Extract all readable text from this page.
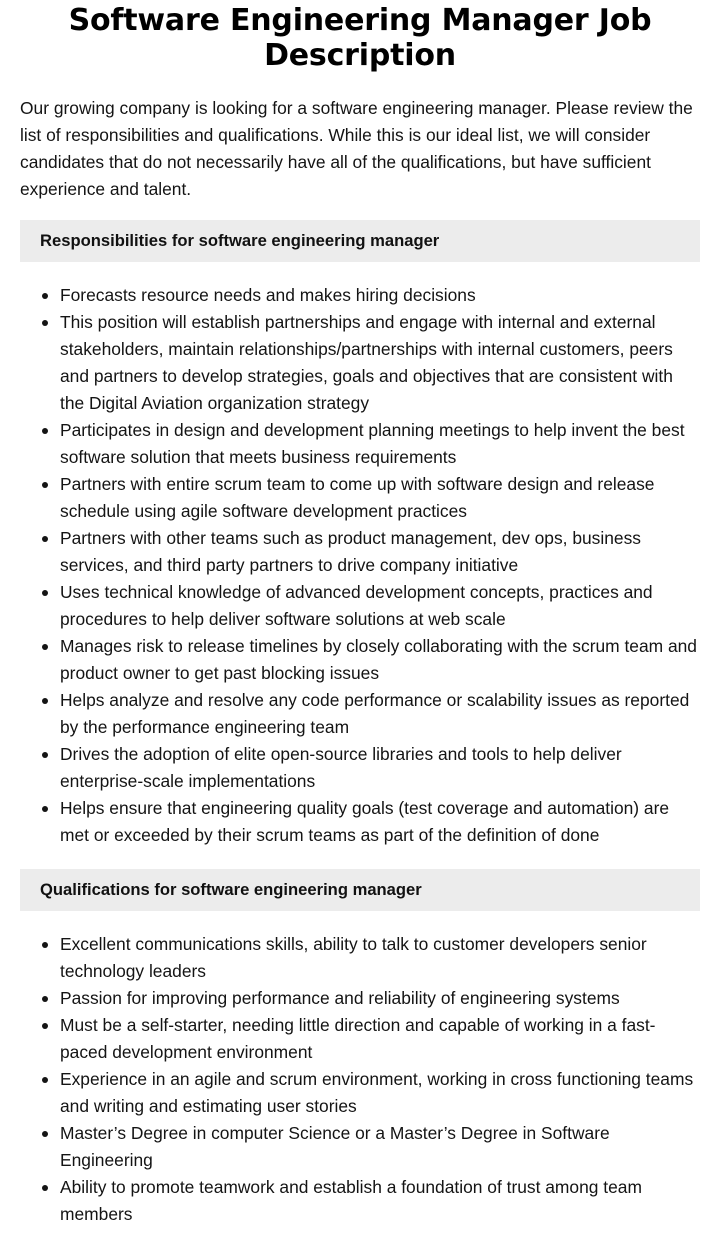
Software Engineering Manager Job Description

Our growing company is looking for a software engineering manager. Please review the list of responsibilities and qualifications. While this is our ideal list, we will consider candidates that do not necessarily have all of the qualifications, but have sufficient experience and talent.

Responsibilities for software engineering manager
Forecasts resource needs and makes hiring decisions
This position will establish partnerships and engage with internal and external stakeholders, maintain relationships/partnerships with internal customers, peers and partners to develop strategies, goals and objectives that are consistent with the Digital Aviation organization strategy
Participates in design and development planning meetings to help invent the best software solution that meets business requirements
Partners with entire scrum team to come up with software design and release schedule using agile software development practices
Partners with other teams such as product management, dev ops, business services, and third party partners to drive company initiative
Uses technical knowledge of advanced development concepts, practices and procedures to help deliver software solutions at web scale
Manages risk to release timelines by closely collaborating with the scrum team and product owner to get past blocking issues
Helps analyze and resolve any code performance or scalability issues as reported by the performance engineering team
Drives the adoption of elite open-source libraries and tools to help deliver enterprise-scale implementations
Helps ensure that engineering quality goals (test coverage and automation) are met or exceeded by their scrum teams as part of the definition of done
Qualifications for software engineering manager
Excellent communications skills, ability to talk to customer developers senior technology leaders
Passion for improving performance and reliability of engineering systems
Must be a self-starter, needing little direction and capable of working in a fast-paced development environment
Experience in an agile and scrum environment, working in cross functioning teams and writing and estimating user stories
Master’s Degree in computer Science or a Master’s Degree in Software Engineering
Ability to promote teamwork and establish a foundation of trust among team members
